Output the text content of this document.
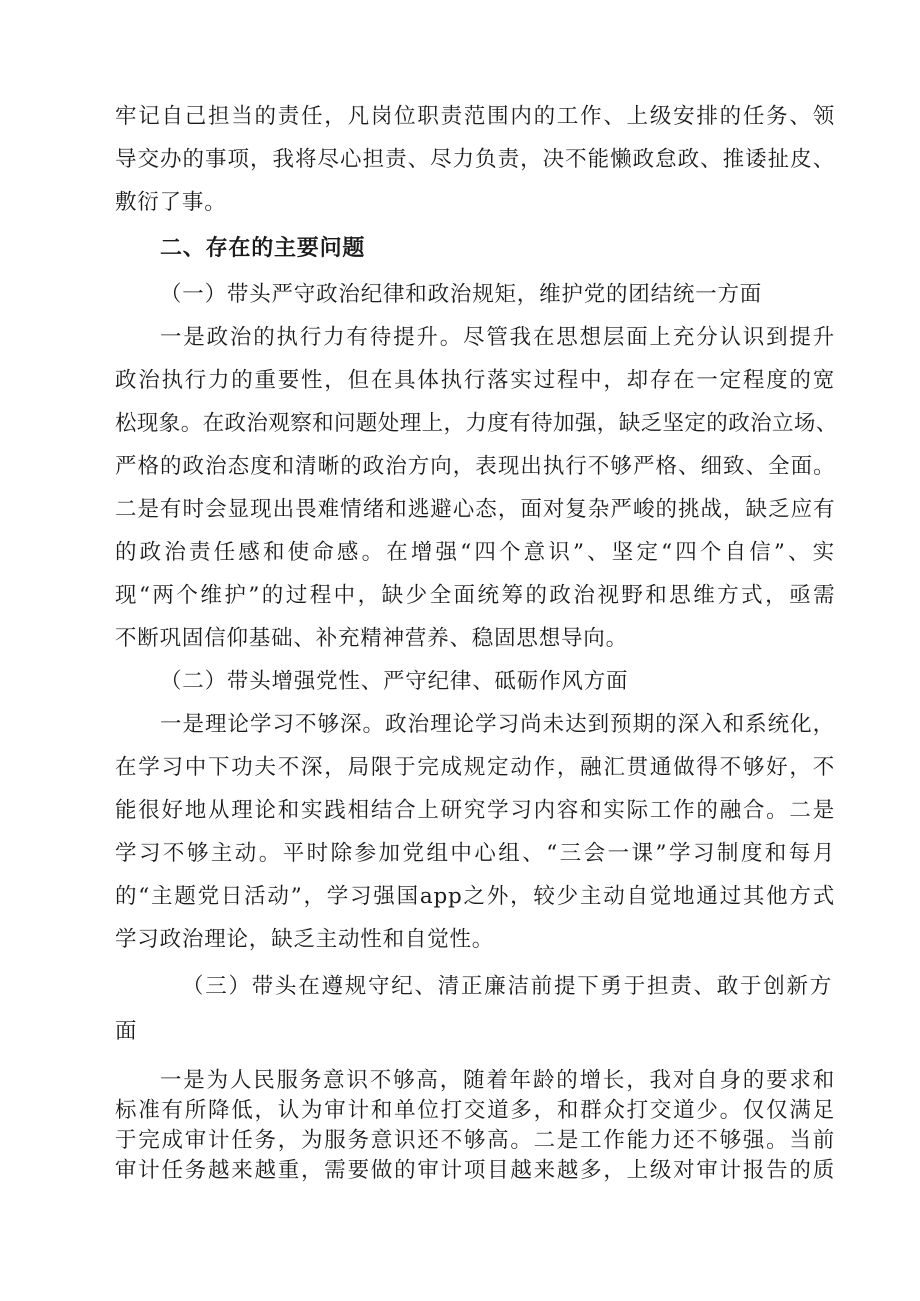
牢记自己担当的责任，凡岗位职责范围内的工作、上级安排的任务、领
导交办的事项，我将尽心担责、尽力负责，决不能懒政怠政、推诿扯皮、
敷衍了事。
二、存在的主要问题
（一）带头严守政治纪律和政治规矩，维护党的团结统一方面
一是政治的执行力有待提升。尽管我在思想层面上充分认识到提升
政治执行力的重要性，但在具体执行落实过程中，却存在一定程度的宽
松现象。在政治观察和问题处理上，力度有待加强，缺乏坚定的政治立场、
严格的政治态度和清晰的政治方向，表现出执行不够严格、细致、全面。
二是有时会显现出畏难情绪和逃避心态，面对复杂严峻的挑战，缺乏应有
的政治责任感和使命感。在增强“四个意识”、坚定“四个自信”、实
现“两个维护”的过程中，缺少全面统筹的政治视野和思维方式，亟需
不断巩固信仰基础、补充精神营养、稳固思想导向。
（二）带头增强党性、严守纪律、砥砺作风方面
一是理论学习不够深。政治理论学习尚未达到预期的深入和系统化，
在学习中下功夫不深，局限于完成规定动作，融汇贯通做得不够好，不
能很好地从理论和实践相结合上研究学习内容和实际工作的融合。二是
学习不够主动。平时除参加党组中心组、“三会一课”学习制度和每月
的“主题党日活动”，学习强国app之外，较少主动自觉地通过其他方式
学习政治理论，缺乏主动性和自觉性。
（三）带头在遵规守纪、清正廉洁前提下勇于担责、敢于创新方
面
一是为人民服务意识不够高，随着年龄的增长，我对自身的要求和
标准有所降低，认为审计和单位打交道多，和群众打交道少。仅仅满足
于完成审计任务，为服务意识还不够高。二是工作能力还不够强。当前
审计任务越来越重，需要做的审计项目越来越多，上级对审计报告的质
